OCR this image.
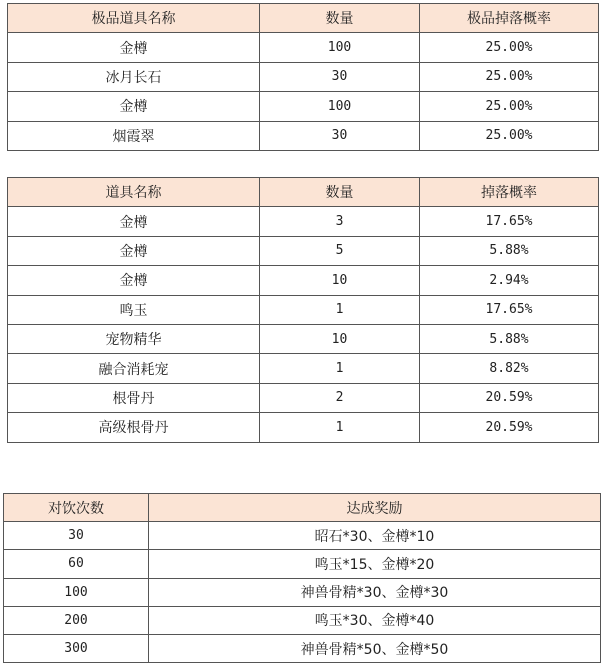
极品道具名称	数量	极品掉落概率
金樽	100	25.00%
冰月长石	30	25.00%
金樽	100	25.00%
烟霞翠	30	25.00%
道具名称	数量	掉落概率
金樽	3	17.65%
金樽	5	5.88%
金樽	10	2.94%
鸣玉	1	17.65%
宠物精华	10	5.88%
融合消耗宠	1	8.82%
根骨丹	2	20.59%
高级根骨丹	1	20.59%
对饮次数	达成奖励
30	昭石*30、金樽*10
60	鸣玉*15、金樽*20
100	神兽骨精*30、金樽*30
200	鸣玉*30、金樽*40
300	神兽骨精*50、金樽*50
